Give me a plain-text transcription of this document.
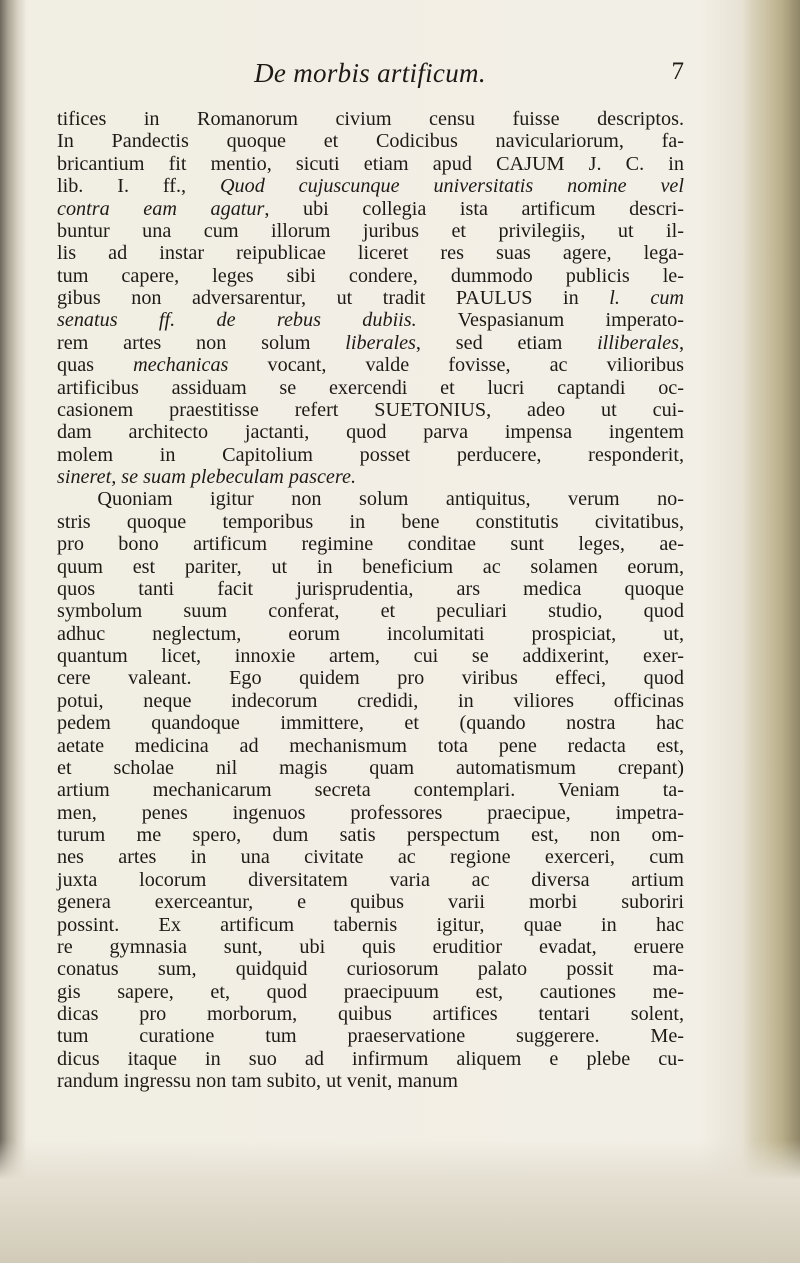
De morbis artificum.	7
tifices in Romanorum civium censu fuisse descriptos.
In Pandectis quoque et Codicibus naviculariorum, fa-
bricantium fit mentio, sicuti etiam apud CAJUM J. C. in
lib. I. ff., Quod cujuscunque universitatis nomine vel
contra eam agatur, ubi collegia ista artificum descri-
buntur una cum illorum juribus et privilegiis, ut il-
lis ad instar reipublicae liceret res suas agere, lega-
tum capere, leges sibi condere, dummodo publicis le-
gibus non adversarentur, ut tradit PAULUS in l. cum
senatus ff. de rebus dubiis. Vespasianum imperato-
rem artes non solum liberales, sed etiam illiberales,
quas mechanicas vocant, valde fovisse, ac vilioribus
artificibus assiduam se exercendi et lucri captandi oc-
casionem praestitisse refert SUETONIUS, adeo ut cui-
dam architecto jactanti, quod parva impensa ingentem
molem in Capitolium posset perducere, responderit,
sineret, se suam plebeculam pascere.
Quoniam igitur non solum antiquitus, verum no-
stris quoque temporibus in bene constitutis civitatibus,
pro bono artificum regimine conditae sunt leges, ae-
quum est pariter, ut in beneficium ac solamen eorum,
quos tanti facit jurisprudentia, ars medica quoque
symbolum suum conferat, et peculiari studio, quod
adhuc neglectum, eorum incolumitati prospiciat, ut,
quantum licet, innoxie artem, cui se addixerint, exer-
cere valeant. Ego quidem pro viribus effeci, quod
potui, neque indecorum credidi, in viliores officinas
pedem quandoque immittere, et (quando nostra hac
aetate medicina ad mechanismum tota pene redacta est,
et scholae nil magis quam automatismum crepant)
artium mechanicarum secreta contemplari. Veniam ta-
men, penes ingenuos professores praecipue, impetra-
turum me spero, dum satis perspectum est, non om-
nes artes in una civitate ac regione exerceri, cum
juxta locorum diversitatem varia ac diversa artium
genera exerceantur, e quibus varii morbi suboriri
possint. Ex artificum tabernis igitur, quae in hac
re gymnasia sunt, ubi quis eruditior evadat, eruere
conatus sum, quidquid curiosorum palato possit ma-
gis sapere, et, quod praecipuum est, cautiones me-
dicas pro morborum, quibus artifices tentari solent,
tum curatione tum praeservatione suggerere. Me-
dicus itaque in suo ad infirmum aliquem e plebe cu-
randum ingressu non tam subito, ut venit, manum
